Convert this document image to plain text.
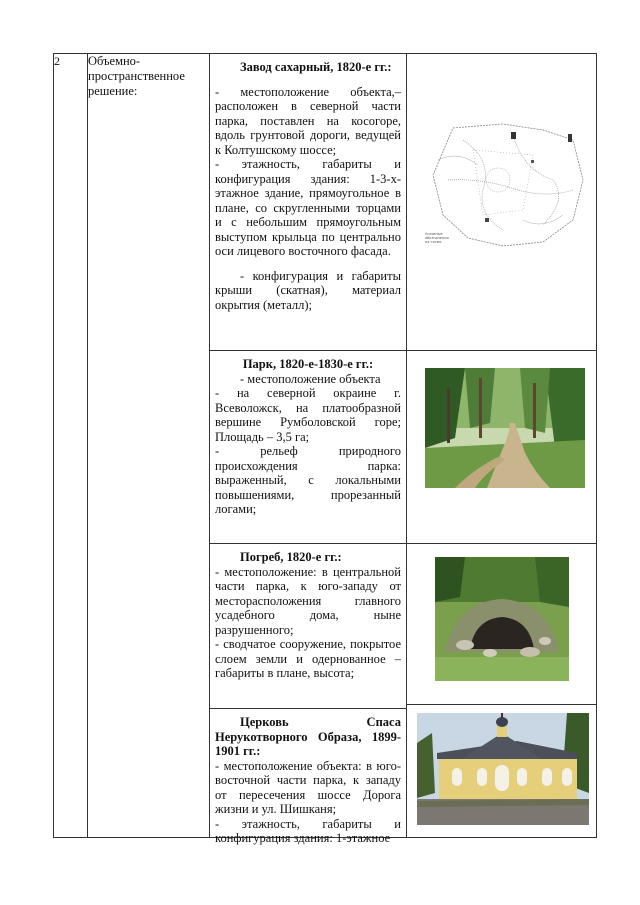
2	Объемно-
пространственное
решение:

Завод сахарный, 1820-е гг.:

- местоположение объекта,– расположен в северной части парка, поставлен на косогоре, вдоль грунтовой дороги, ведущей к Колтушскому шоссе;

- этажность, габариты и конфигурация здания: 1-3-х-этажное здание, прямоугольное в плане, со скругленными торцами и с небольшим прямоугольным выступом крыльца по центрально оси лицевого восточного фасада.

- конфигурация и габариты крыши (скатная), материал окрытия (металл);

Парк, 1820-е-1830-е гг.:

- местоположение объекта

- на северной окраине г. Всеволожск, на платообразной вершине Румболовской горе; Площадь – 3,5 га;

- рельеф природного происхождения парка: выраженный, с локальными повышениями, прорезанный логами;

Погреб, 1820-е гг.:

- местоположение: в центральной части парка, к юго-западу от месторасположения главного усадебного дома, ныне разрушенного;

- сводчатое сооружение, покрытое слоем земли и одернованное – габариты в плане, высота;

Церковь Спаса Нерукотворного Образа, 1899-1901 гг.:

- местоположение объекта: в юго-восточной части парка, к западу от пересечения шоссе Дорога жизни и ул. Шишканя;

- этажность, габариты и конфигурация здания: 1-этажное

Условные
обозначения
на схеме
